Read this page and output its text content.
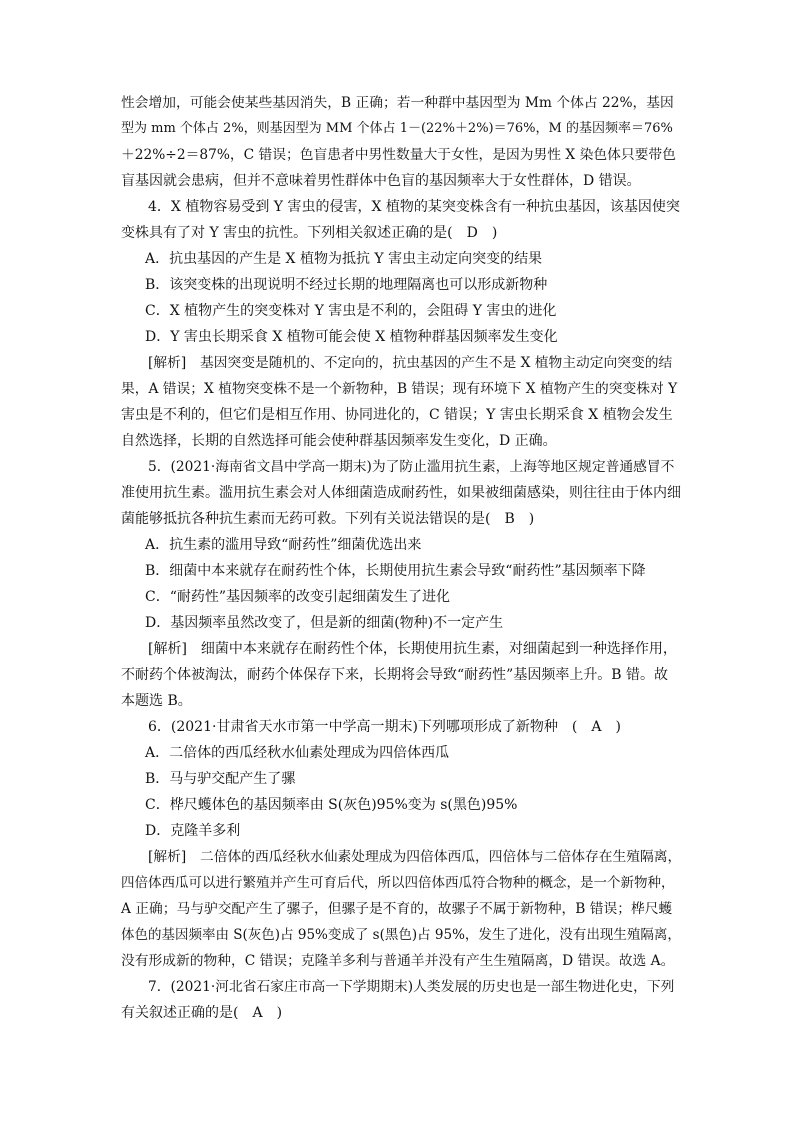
性会增加，可能会使某些基因消失，B 正确；若一种群中基因型为 Mm 个体占 22%，基因
型为 mm 个体占 2%，则基因型为 MM 个体占 1－(22%＋2%)＝76%，M 的基因频率＝76%
＋22%÷2＝87%，C 错误；色盲患者中男性数量大于女性，是因为男性 X 染色体只要带色
盲基因就会患病，但并不意味着男性群体中色盲的基因频率大于女性群体，D 错误。
4．X 植物容易受到 Y 害虫的侵害，X 植物的某突变株含有一种抗虫基因，该基因使突
变株具有了对 Y 害虫的抗性。下列相关叙述正确的是(　D　)
A．抗虫基因的产生是 X 植物为抵抗 Y 害虫主动定向突变的结果
B．该突变株的出现说明不经过长期的地理隔离也可以形成新物种
C．X 植物产生的突变株对 Y 害虫是不利的，会阻碍 Y 害虫的进化
D．Y 害虫长期采食 X 植物可能会使 X 植物种群基因频率发生变化
[解析]　基因突变是随机的、不定向的，抗虫基因的产生不是 X 植物主动定向突变的结
果，A 错误；X 植物突变株不是一个新物种，B 错误；现有环境下 X 植物产生的突变株对 Y
害虫是不利的，但它们是相互作用、协同进化的，C 错误；Y 害虫长期采食 X 植物会发生
自然选择，长期的自然选择可能会使种群基因频率发生变化，D 正确。
5．(2021·海南省文昌中学高一期末)为了防止滥用抗生素，上海等地区规定普通感冒不
准使用抗生素。滥用抗生素会对人体细菌造成耐药性，如果被细菌感染，则往往由于体内细
菌能够抵抗各种抗生素而无药可救。下列有关说法错误的是(　B　)
A．抗生素的滥用导致“耐药性”细菌优选出来
B．细菌中本来就存在耐药性个体，长期使用抗生素会导致“耐药性”基因频率下降
C．“耐药性”基因频率的改变引起细菌发生了进化
D．基因频率虽然改变了，但是新的细菌(物种)不一定产生
[解析]　细菌中本来就存在耐药性个体，长期使用抗生素，对细菌起到一种选择作用，
不耐药个体被淘汰，耐药个体保存下来，长期将会导致“耐药性”基因频率上升。B 错。故
本题选 B。
6．(2021·甘肃省天水市第一中学高一期末)下列哪项形成了新物种　(　A　)
A．二倍体的西瓜经秋水仙素处理成为四倍体西瓜
B．马与驴交配产生了骡
C．桦尺蠖体色的基因频率由 S(灰色)95%变为 s(黑色)95%
D．克隆羊多利
[解析]　二倍体的西瓜经秋水仙素处理成为四倍体西瓜，四倍体与二倍体存在生殖隔离，
四倍体西瓜可以进行繁殖并产生可育后代，所以四倍体西瓜符合物种的概念，是一个新物种，
A 正确；马与驴交配产生了骡子，但骡子是不育的，故骡子不属于新物种，B 错误；桦尺蠖
体色的基因频率由 S(灰色)占 95%变成了 s(黑色)占 95%，发生了进化，没有出现生殖隔离，
没有形成新的物种，C 错误；克隆羊多利与普通羊并没有产生生殖隔离，D 错误。故选 A。
7．(2021·河北省石家庄市高一下学期期末)人类发展的历史也是一部生物进化史，下列
有关叙述正确的是(　A　)
